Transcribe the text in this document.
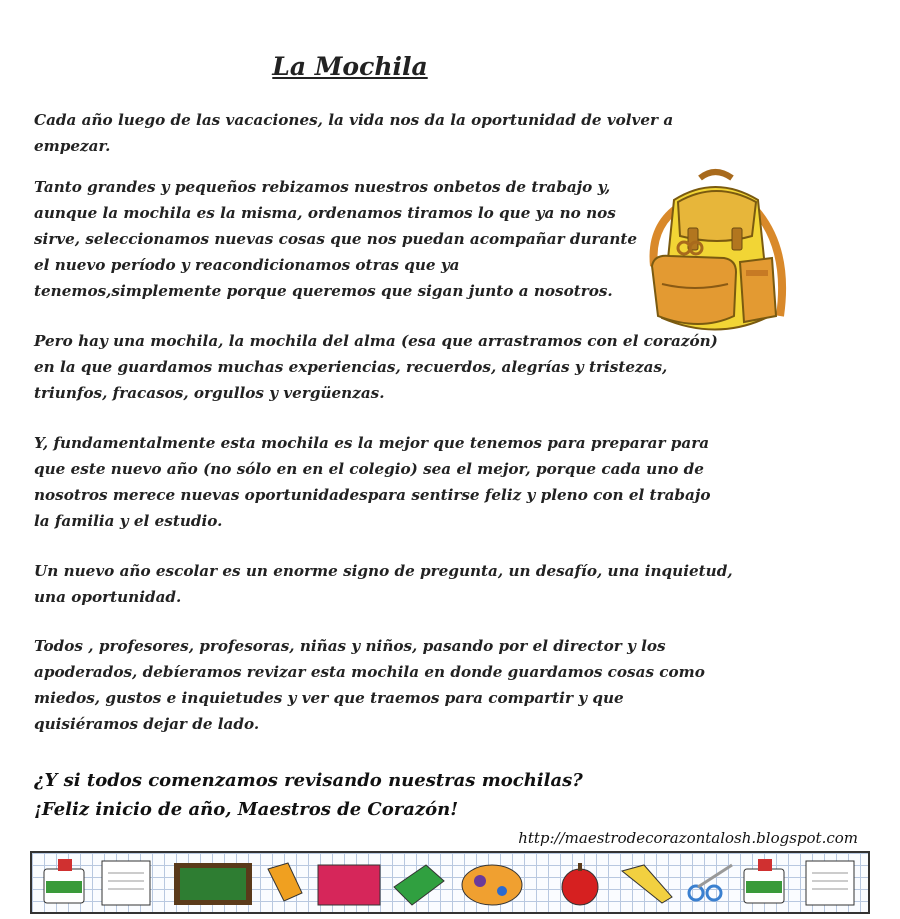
La Mochila

Cada año luego de las vacaciones, la vida nos da la oportunidad de volver a empezar.

Tanto grandes y pequeños rebizamos nuestros onbetos de trabajo y, aunque la mochila es la misma, ordenamos tiramos lo que ya no nos sirve, seleccionamos nuevas cosas que nos puedan acompañar durante el nuevo período y reacondicionamos otras que ya tenemos,simplemente porque queremos que sigan junto a nosotros.

Pero hay una mochila, la mochila del alma (esa que arrastramos con el corazón) en la que guardamos muchas experiencias, recuerdos, alegrías y tristezas, triunfos, fracasos, orgullos y vergüenzas.

Y, fundamentalmente esta mochila es la mejor que tenemos para preparar para que este nuevo año (no sólo en en el colegio) sea el mejor, porque cada uno de nosotros merece nuevas oportunidadespara sentirse feliz y pleno con el trabajo la familia y el estudio.

Un nuevo año escolar es un enorme signo de pregunta, un desafío, una inquietud, una oportunidad.

Todos , profesores, profesoras, niñas y niños, pasando por el director y los apoderados, debíeramos revizar esta mochila en donde guardamos cosas como miedos, gustos e inquietudes y ver que traemos para compartir y que quisiéramos dejar de lado.

¿Y si todos comenzamos revisando nuestras mochilas?
¡Feliz inicio de año, Maestros de Corazón!
http://maestrodecorazontalosh.blogspot.com
